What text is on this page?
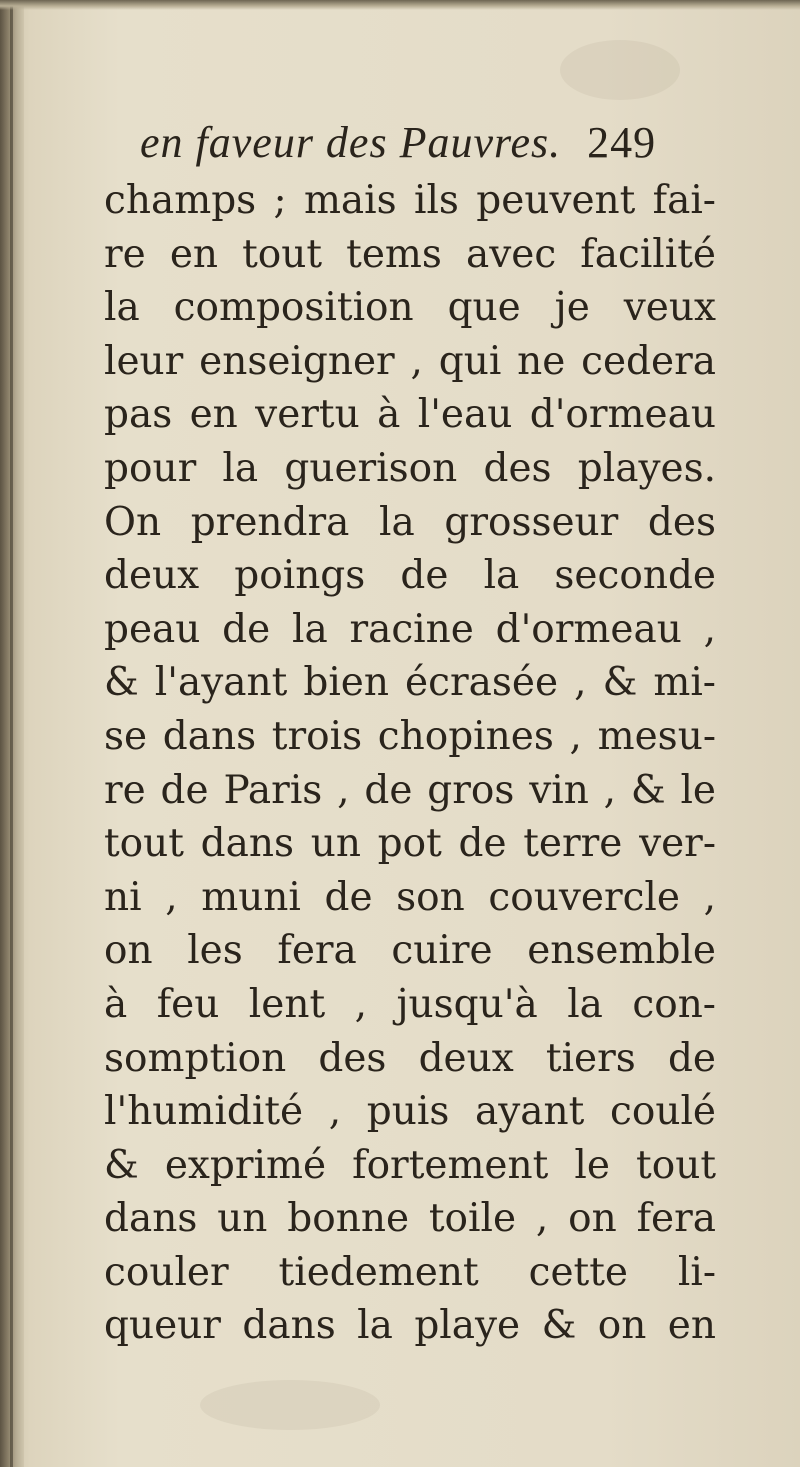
en faveur des Pauvres. 249
champs ; mais ils peuvent fai-
re en tout tems avec facilité
la composition que je veux
leur enseigner , qui ne cedera
pas en vertu à l'eau d'ormeau
pour la guerison des playes.
On prendra la grosseur des
deux poings de la seconde
peau de la racine d'ormeau ,
& l'ayant bien écrasée , & mi-
se dans trois chopines , mesu-
re de Paris , de gros vin , & le
tout dans un pot de terre ver-
ni , muni de son couvercle ,
on les fera cuire ensemble
à feu lent , jusqu'à la con-
somption des deux tiers de
l'humidité , puis ayant coulé
& exprimé fortement le tout
dans un bonne toile , on fera
couler tiedement cette li-
queur dans la playe & on en
